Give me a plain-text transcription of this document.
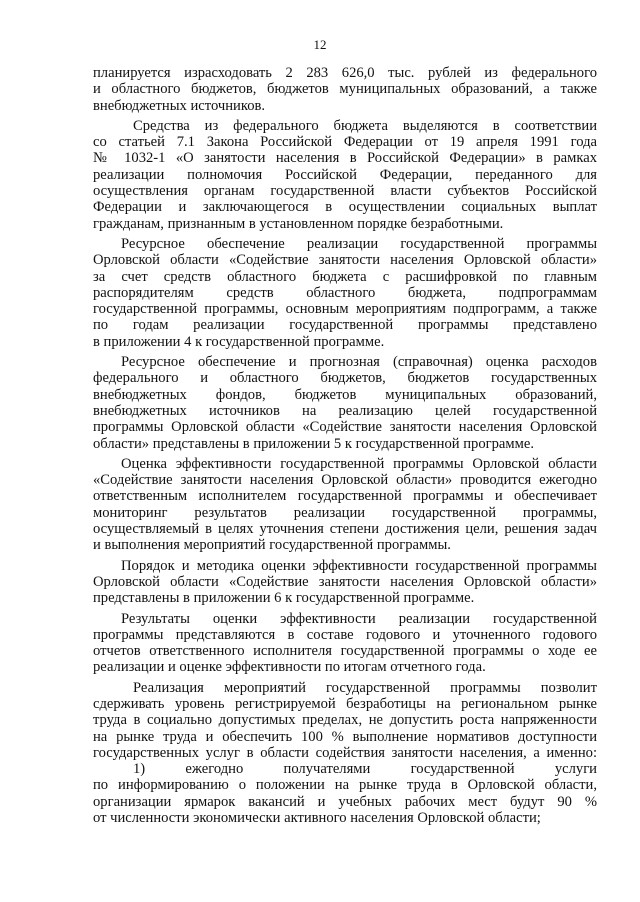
12
планируется израсходовать 2 283 626,0 тыс. рублей из федерального
и областного бюджетов, бюджетов муниципальных образований, а также
внебюджетных источников.
Средства из федерального бюджета выделяются в соответствии
со статьей 7.1 Закона Российской Федерации от 19 апреля 1991 года
№ 1032-1 «О занятости населения в Российской Федерации» в рамках
реализации полномочия Российской Федерации, переданного для
осуществления органам государственной власти субъектов Российской
Федерации и заключающегося в осуществлении социальных выплат
гражданам, признанным в установленном порядке безработными.
Ресурсное обеспечение реализации государственной программы
Орловской области «Содействие занятости населения Орловской области»
за счет средств областного бюджета с расшифровкой по главным
распорядителям средств областного бюджета, подпрограммам
государственной программы, основным мероприятиям подпрограмм, а также
по годам реализации государственной программы представлено
в приложении 4 к государственной программе.
Ресурсное обеспечение и прогнозная (справочная) оценка расходов
федерального и областного бюджетов, бюджетов государственных
внебюджетных фондов, бюджетов муниципальных образований,
внебюджетных источников на реализацию целей государственной
программы Орловской области «Содействие занятости населения Орловской
области» представлены в приложении 5 к государственной программе.
Оценка эффективности государственной программы Орловской области
«Содействие занятости населения Орловской области» проводится ежегодно
ответственным исполнителем государственной программы и обеспечивает
мониторинг результатов реализации государственной программы,
осуществляемый в целях уточнения степени достижения цели, решения задач
и выполнения мероприятий государственной программы.
Порядок и методика оценки эффективности государственной программы
Орловской области «Содействие занятости населения Орловской области»
представлены в приложении 6 к государственной программе.
Результаты оценки эффективности реализации государственной
программы представляются в составе годового и уточненного годового
отчетов ответственного исполнителя государственной программы о ходе ее
реализации и оценке эффективности по итогам отчетного года.
Реализация мероприятий государственной программы позволит
сдерживать уровень регистрируемой безработицы на региональном рынке
труда в социально допустимых пределах, не допустить роста напряженности
на рынке труда и обеспечить 100 % выполнение нормативов доступности
государственных услуг в области содействия занятости населения, а именно:
1) ежегодно получателями государственной услуги
по информированию о положении на рынке труда в Орловской области,
организации ярмарок вакансий и учебных рабочих мест будут 90 %
от численности экономически активного населения Орловской области;
